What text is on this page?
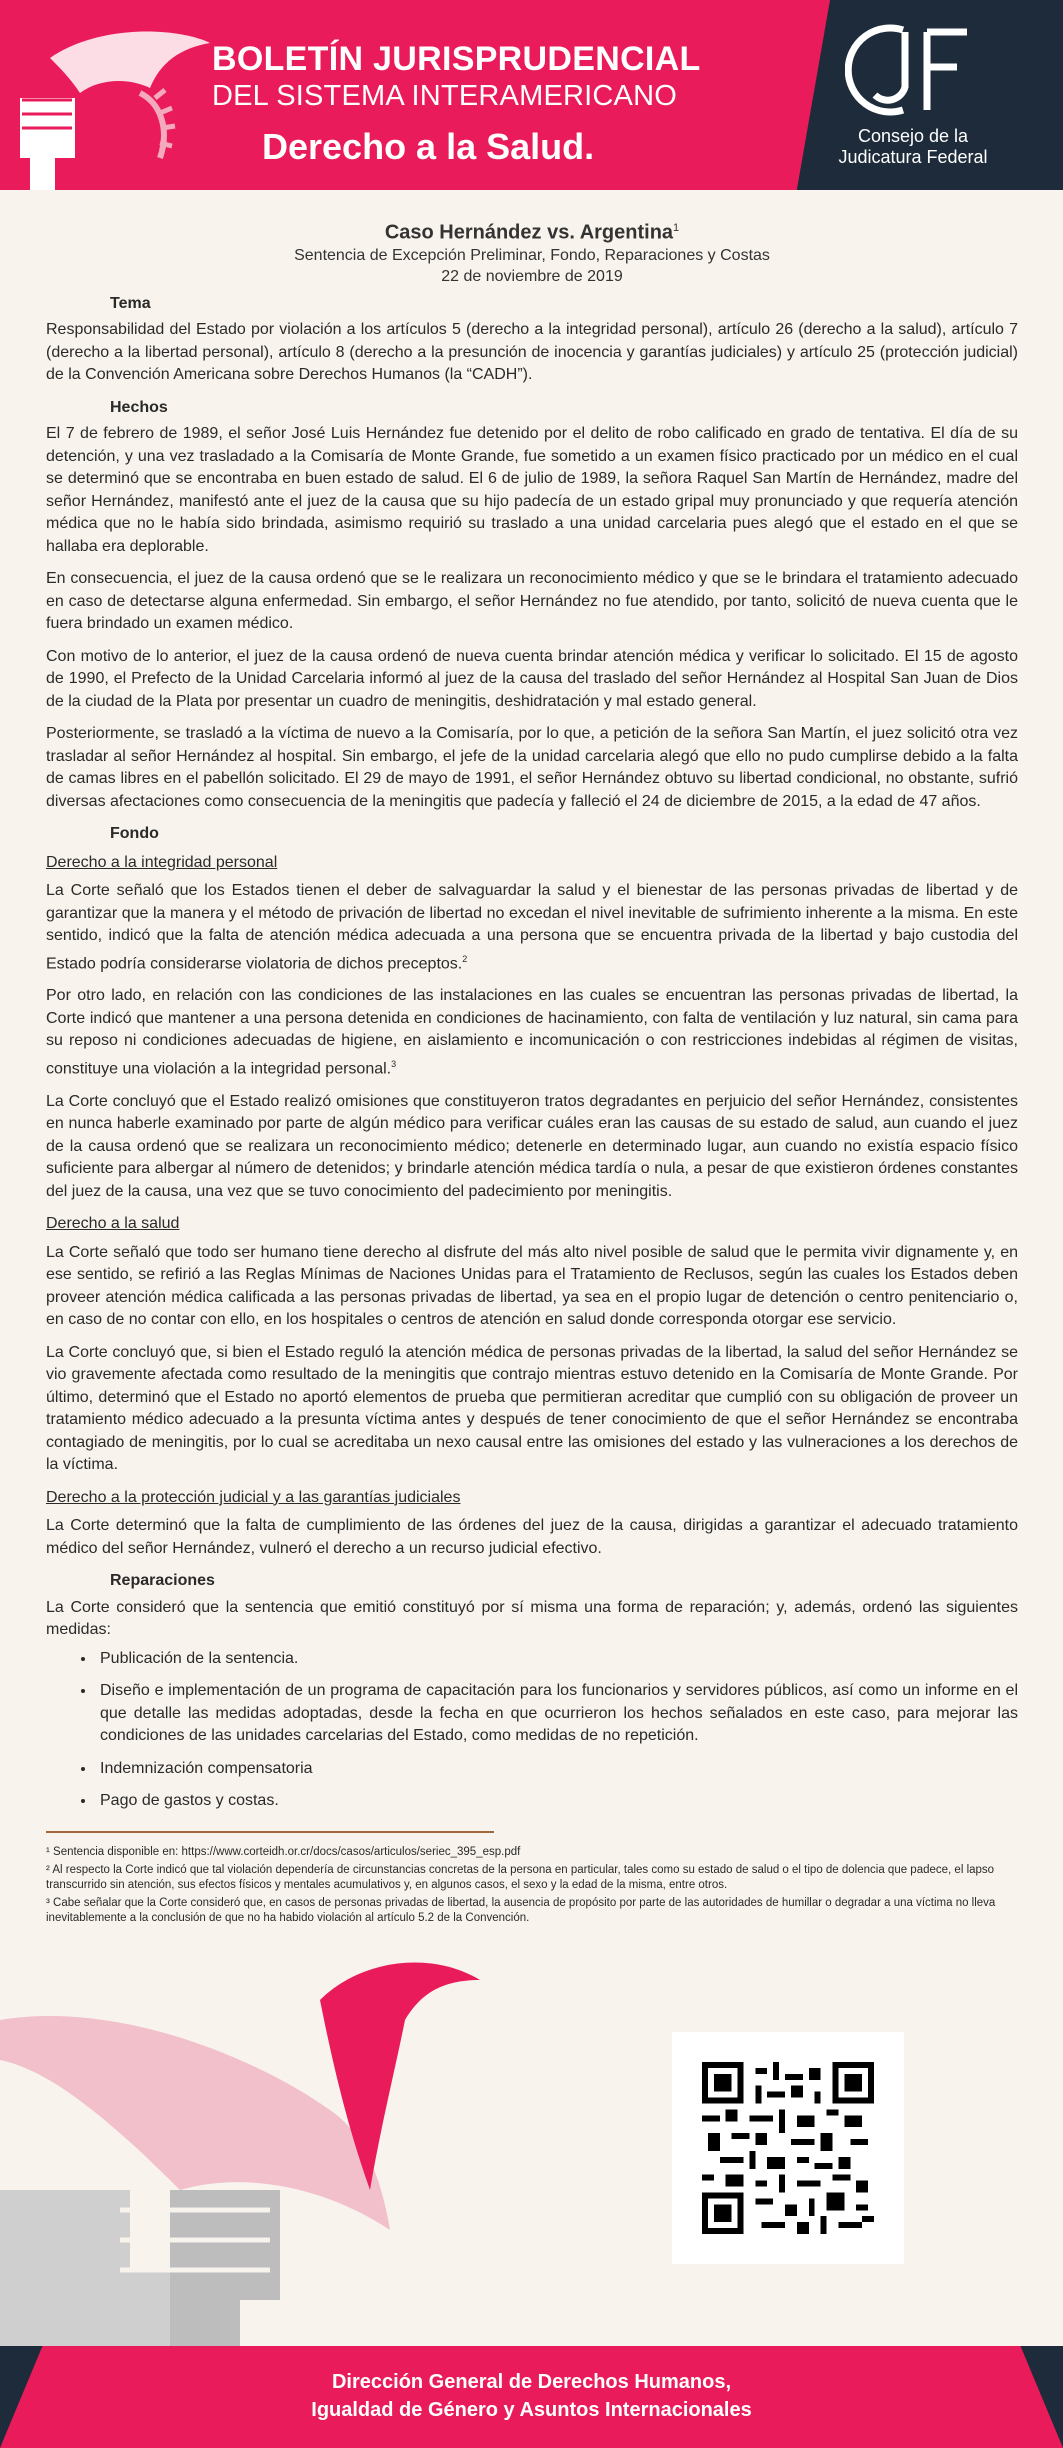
BOLETÍN JURISPRUDENCIAL
DEL SISTEMA INTERAMERICANO
Derecho a la Salud.	Consejo de la
Judicatura Federal

Caso Hernández vs. Argentina$^1$

Sentencia de Excepción Preliminar, Fondo, Reparaciones y Costas

22 de noviembre de 2019

Tema

Responsabilidad del Estado por violación a los artículos 5 (derecho a la integridad personal), artículo 26 (derecho a la salud), artículo 7 (derecho a la libertad personal), artículo 8 (derecho a la presunción de inocencia y garantías judiciales) y artículo 25 (protección judicial) de la Convención Americana sobre Derechos Humanos (la “CADH”).

Hechos

El 7 de febrero de 1989, el señor José Luis Hernández fue detenido por el delito de robo calificado en grado de tentativa. El día de su detención, y una vez trasladado a la Comisaría de Monte Grande, fue sometido a un examen físico practicado por un médico en el cual se determinó que se encontraba en buen estado de salud. El 6 de julio de 1989, la señora Raquel San Martín de Hernández, madre del señor Hernández, manifestó ante el juez de la causa que su hijo padecía de un estado gripal muy pronunciado y que requería atención médica que no le había sido brindada, asimismo requirió su traslado a una unidad carcelaria pues alegó que el estado en el que se hallaba era deplorable.

En consecuencia, el juez de la causa ordenó que se le realizara un reconocimiento médico y que se le brindara el tratamiento adecuado en caso de detectarse alguna enfermedad. Sin embargo, el señor Hernández no fue atendido, por tanto, solicitó de nueva cuenta que le fuera brindado un examen médico.

Con motivo de lo anterior, el juez de la causa ordenó de nueva cuenta brindar atención médica y verificar lo solicitado. El 15 de agosto de 1990, el Prefecto de la Unidad Carcelaria informó al juez de la causa del traslado del señor Hernández al Hospital San Juan de Dios de la ciudad de la Plata por presentar un cuadro de meningitis, deshidratación y mal estado general.

Posteriormente, se trasladó a la víctima de nuevo a la Comisaría, por lo que, a petición de la señora San Martín, el juez solicitó otra vez trasladar al señor Hernández al hospital. Sin embargo, el jefe de la unidad carcelaria alegó que ello no pudo cumplirse debido a la falta de camas libres en el pabellón solicitado. El 29 de mayo de 1991, el señor Hernández obtuvo su libertad condicional, no obstante, sufrió diversas afectaciones como consecuencia de la meningitis que padecía y falleció el 24 de diciembre de 2015, a la edad de 47 años.

Fondo
Derecho a la integridad personal

La Corte señaló que los Estados tienen el deber de salvaguardar la salud y el bienestar de las personas privadas de libertad y de garantizar que la manera y el método de privación de libertad no excedan el nivel inevitable de sufrimiento inherente a la misma. En este sentido, indicó que la falta de atención médica adecuada a una persona que se encuentra privada de la libertad y bajo custodia del Estado podría considerarse violatoria de dichos preceptos.$^2$

Por otro lado, en relación con las condiciones de las instalaciones en las cuales se encuentran las personas privadas de libertad, la Corte indicó que mantener a una persona detenida en condiciones de hacinamiento, con falta de ventilación y luz natural, sin cama para su reposo ni condiciones adecuadas de higiene, en aislamiento e incomunicación o con restricciones indebidas al régimen de visitas, constituye una violación a la integridad personal.$^3$

La Corte concluyó que el Estado realizó omisiones que constituyeron tratos degradantes en perjuicio del señor Hernández, consistentes en nunca haberle examinado por parte de algún médico para verificar cuáles eran las causas de su estado de salud, aun cuando el juez de la causa ordenó que se realizara un reconocimiento médico; detenerle en determinado lugar, aun cuando no existía espacio físico suficiente para albergar al número de detenidos; y brindarle atención médica tardía o nula, a pesar de que existieron órdenes constantes del juez de la causa, una vez que se tuvo conocimiento del padecimiento por meningitis.

Derecho a la salud

La Corte señaló que todo ser humano tiene derecho al disfrute del más alto nivel posible de salud que le permita vivir dignamente y, en ese sentido, se refirió a las Reglas Mínimas de Naciones Unidas para el Tratamiento de Reclusos, según las cuales los Estados deben proveer atención médica calificada a las personas privadas de libertad, ya sea en el propio lugar de detención o centro penitenciario o, en caso de no contar con ello, en los hospitales o centros de atención en salud donde corresponda otorgar ese servicio.

La Corte concluyó que, si bien el Estado reguló la atención médica de personas privadas de la libertad, la salud del señor Hernández se vio gravemente afectada como resultado de la meningitis que contrajo mientras estuvo detenido en la Comisaría de Monte Grande. Por último, determinó que el Estado no aportó elementos de prueba que permitieran acreditar que cumplió con su obligación de proveer un tratamiento médico adecuado a la presunta víctima antes y después de tener conocimiento de que el señor Hernández se encontraba contagiado de meningitis, por lo cual se acreditaba un nexo causal entre las omisiones del estado y las vulneraciones a los derechos de la víctima.

Derecho a la protección judicial y a las garantías judiciales

La Corte determinó que la falta de cumplimiento de las órdenes del juez de la causa, dirigidas a garantizar el adecuado tratamiento médico del señor Hernández, vulneró el derecho a un recurso judicial efectivo.

Reparaciones

La Corte consideró que la sentencia que emitió constituyó por sí misma una forma de reparación; y, además, ordenó las siguientes medidas:

• Publicación de la sentencia.
• Diseño e implementación de un programa de capacitación para los funcionarios y servidores públicos, así como un informe en el que detalle las medidas adoptadas, desde la fecha en que ocurrieron los hechos señalados en este caso, para mejorar las condiciones de las unidades carcelarias del Estado, como medidas de no repetición.
• Indemnización compensatoria
• Pago de gastos y costas.

¹ Sentencia disponible en: https://www.corteidh.or.cr/docs/casos/articulos/seriec_395_esp.pdf

² Al respecto la Corte indicó que tal violación dependería de circunstancias concretas de la persona en particular, tales como su estado de salud o el tipo de dolencia que padece, el lapso transcurrido sin atención, sus efectos físicos y mentales acumulativos y, en algunos casos, el sexo y la edad de la misma, entre otros.

³ Cabe señalar que la Corte consideró que, en casos de personas privadas de libertad, la ausencia de propósito por parte de las autoridades de humillar o degradar a una víctima no lleva inevitablemente a la conclusión de que no ha habido violación al artículo 5.2 de la Convención.

Dirección General de Derechos Humanos,
Igualdad de Género y Asuntos Internacionales
